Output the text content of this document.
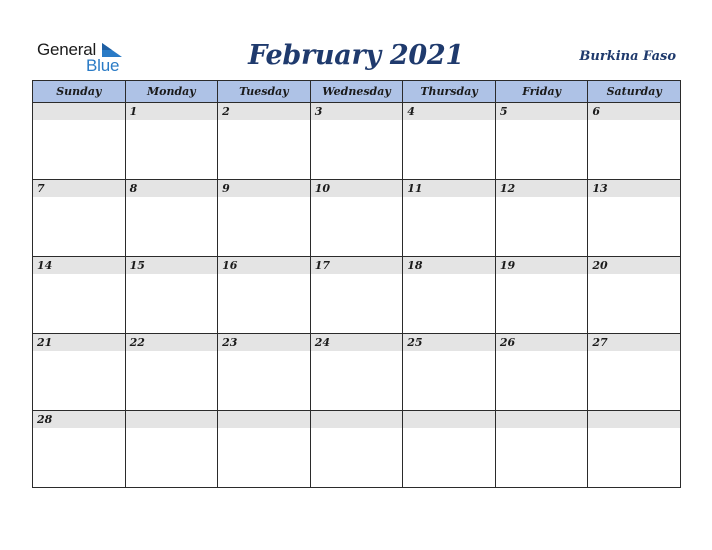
General
Blue	February 2021	Burkina Faso
Sunday	Monday	Tuesday	Wednesday	Thursday	Friday	Saturday

	1	2	3	4	5	6

7	8	9	10	11	12	13

14	15	16	17	18	19	20

21	22	23	24	25	26	27

28						
